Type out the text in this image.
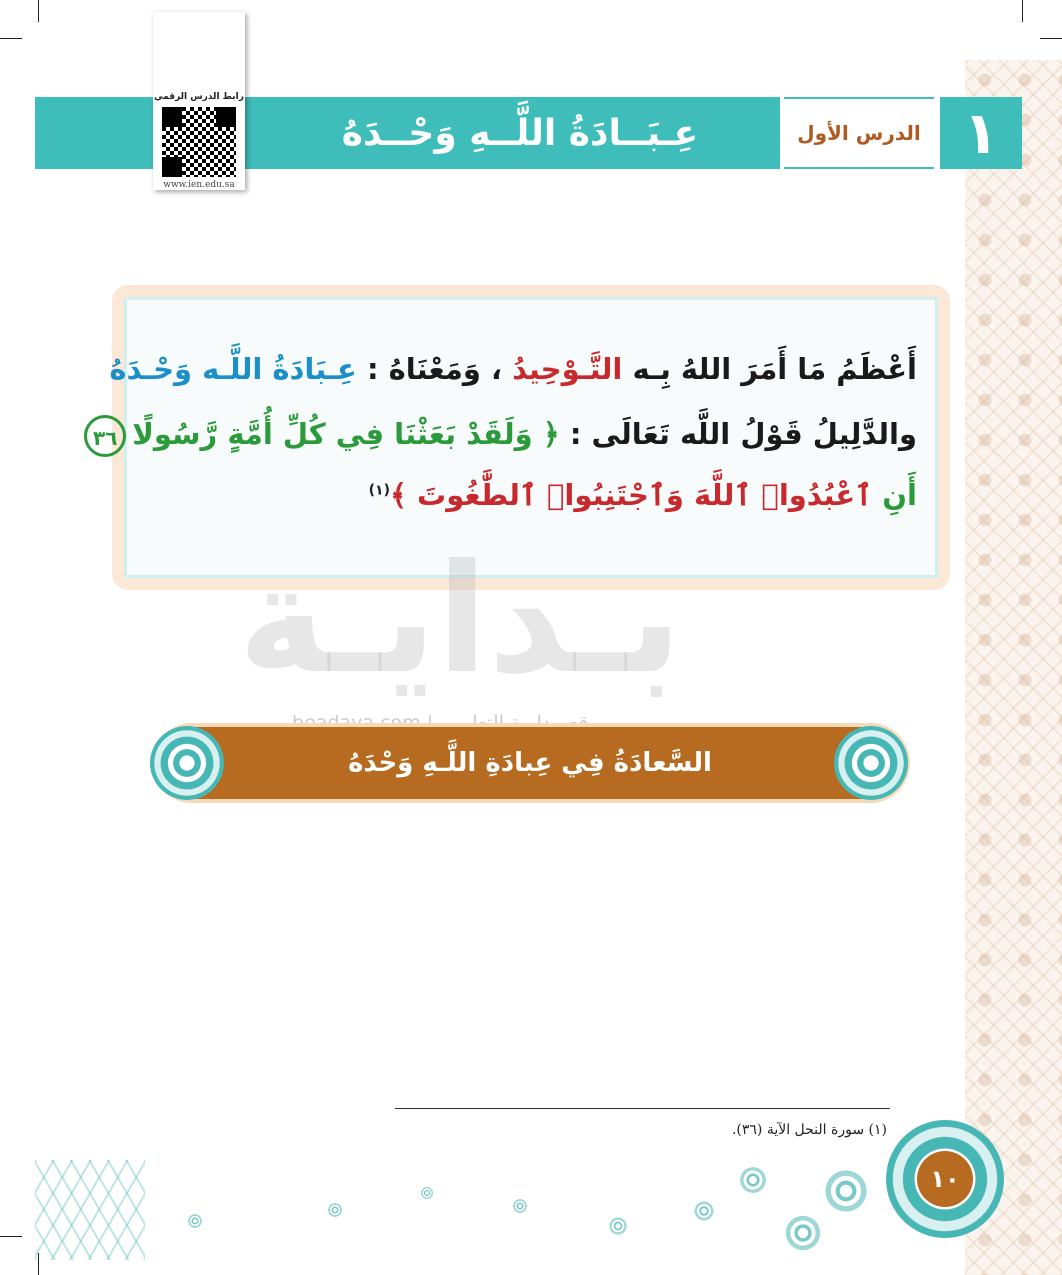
عِـبَــادَةُ اللَّــهِ وَحْــدَهُ	الدرس الأول ١
رابط الدرس الرقمي
www.ien.edu.sa
بـدايـة
أَعْظَمُ مَا أَمَرَ اللهُ بِـه التَّـوْحِيدُ ، وَمَعْنَاهُ : عِـبَادَةُ اللَّـه وَحْـدَهُ
والدَّلِيلُ قَوْلُ اللَّه تَعَالَى : ﴿ وَلَقَدْ بَعَثْنَا فِي كُلِّ أُمَّةٍ رَّسُولًا٣٦
أَنِ ٱعْبُدُوا۟ ٱللَّهَ وَٱجْتَنِبُوا۟ ٱلطَّٰغُوتَ ﴾$^{(١)}$
السَّعادَةُ فِي عِبادَةِ اللَّـهِ وَحْدَهُ
(١) سورة النحل الآية (٣٦).
١٠
